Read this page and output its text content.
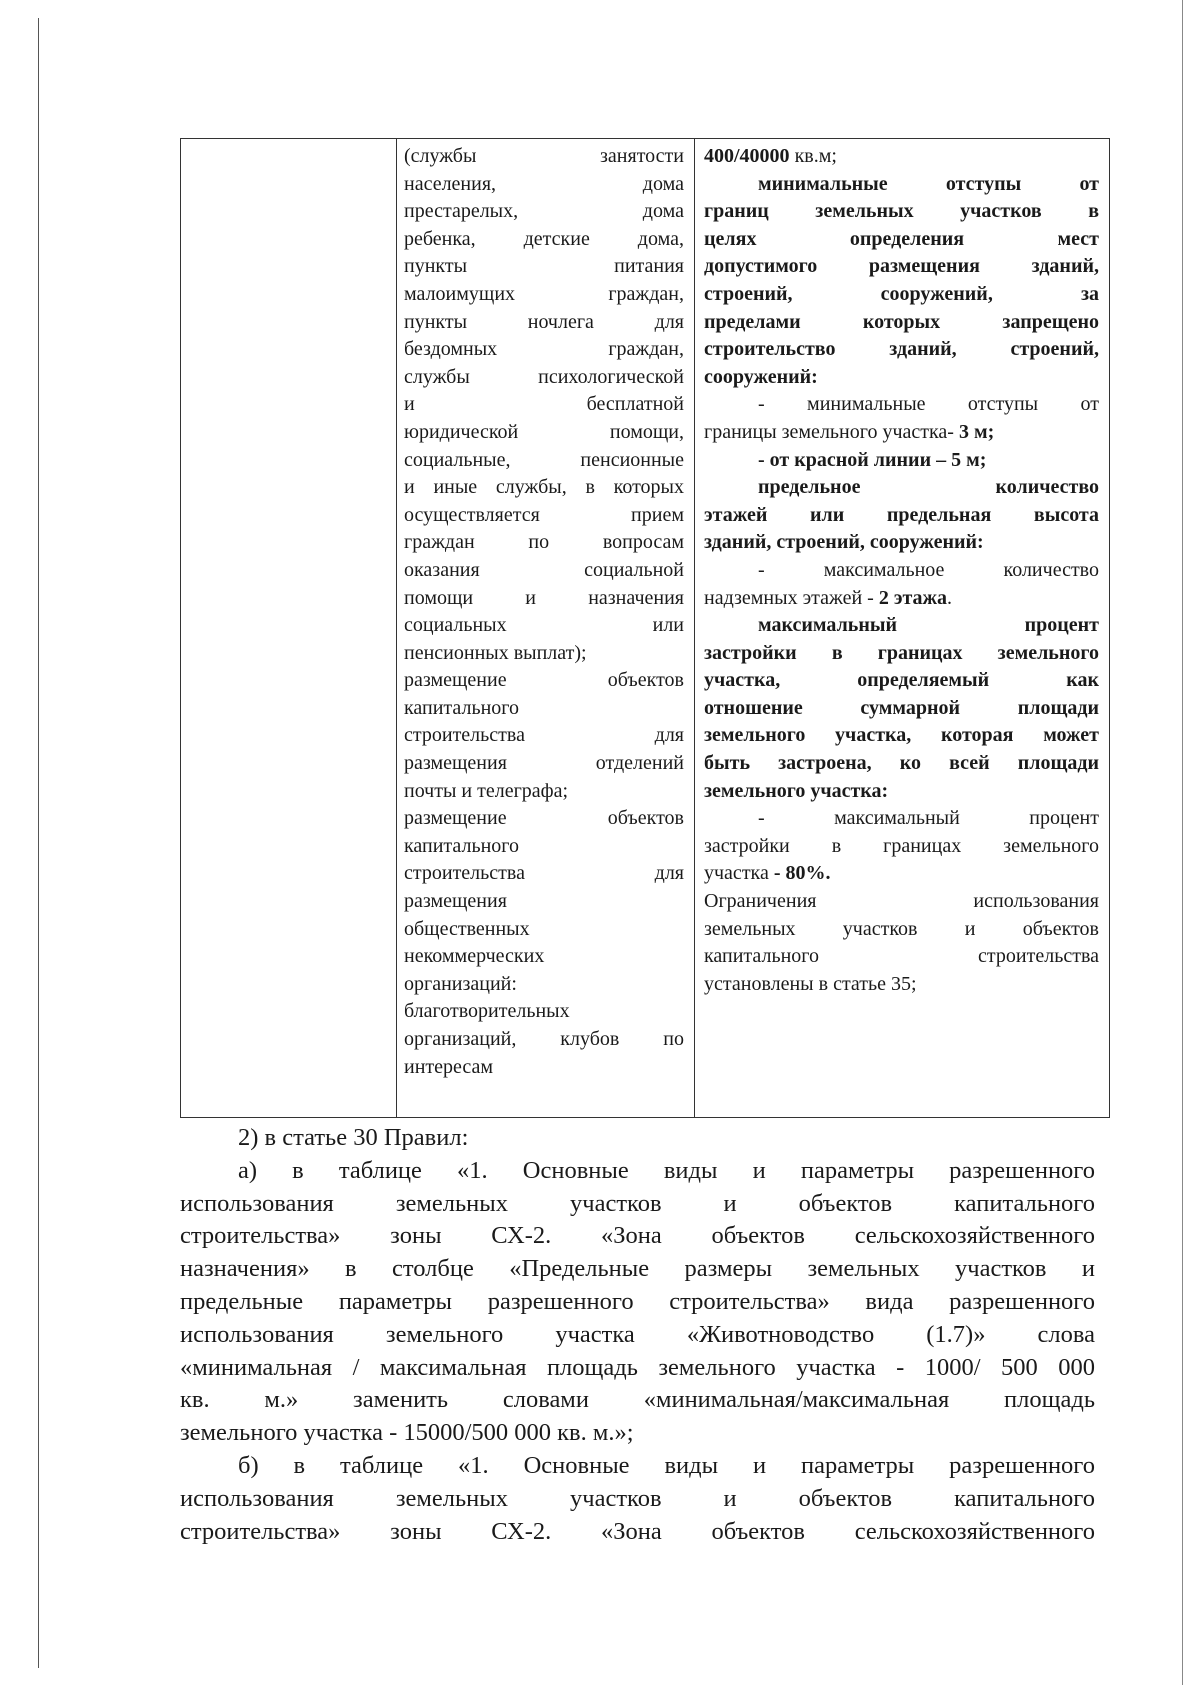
(службы занятости
населения, дома
престарелых, дома
ребенка, детские дома,
пункты питания
малоимущих граждан,
пункты ночлега для
бездомных граждан,
службы психологической
и бесплатной
юридической помощи,
социальные, пенсионные
и иные службы, в которых
осуществляется прием
граждан по вопросам
оказания социальной
помощи и назначения
социальных или
пенсионных выплат);
размещение объектов
капитального
строительства для
размещения отделений
почты и телеграфа;
размещение объектов
капитального
строительства для
размещения
общественных
некоммерческих
организаций:
благотворительных
организаций, клубов по
интересам
400/40000 кв.м;
минимальные отступы от
границ земельных участков в
целях определения мест
допустимого размещения зданий,
строений, сооружений, за
пределами которых запрещено
строительство зданий, строений,
сооружений:
- минимальные отступы от
границы земельного участка- 3 м;
- от красной линии – 5 м;
предельное количество
этажей или предельная высота
зданий, строений, сооружений:
- максимальное количество
надземных этажей - 2 этажа.
максимальный процент
застройки в границах земельного
участка, определяемый как
отношение суммарной площади
земельного участка, которая может
быть застроена, ко всей площади
земельного участка:
- максимальный процент
застройки в границах земельного
участка - 80%.
Ограничения использования
земельных участков и объектов
капитального строительства
установлены в статье 35;
2) в статье 30 Правил:
а) в таблице «1. Основные виды и параметры разрешенного
использования земельных участков и объектов капитального
строительства» зоны СХ-2. «Зона объектов сельскохозяйственного
назначения» в столбце «Предельные размеры земельных участков и
предельные параметры разрешенного строительства» вида разрешенного
использования земельного участка «Животноводство (1.7)» слова
«минимальная / максимальная площадь земельного участка - 1000/ 500 000
кв. м.» заменить словами «минимальная/максимальная площадь
земельного участка - 15000/500 000 кв. м.»;
б) в таблице «1. Основные виды и параметры разрешенного
использования земельных участков и объектов капитального
строительства» зоны СХ-2. «Зона объектов сельскохозяйственного
